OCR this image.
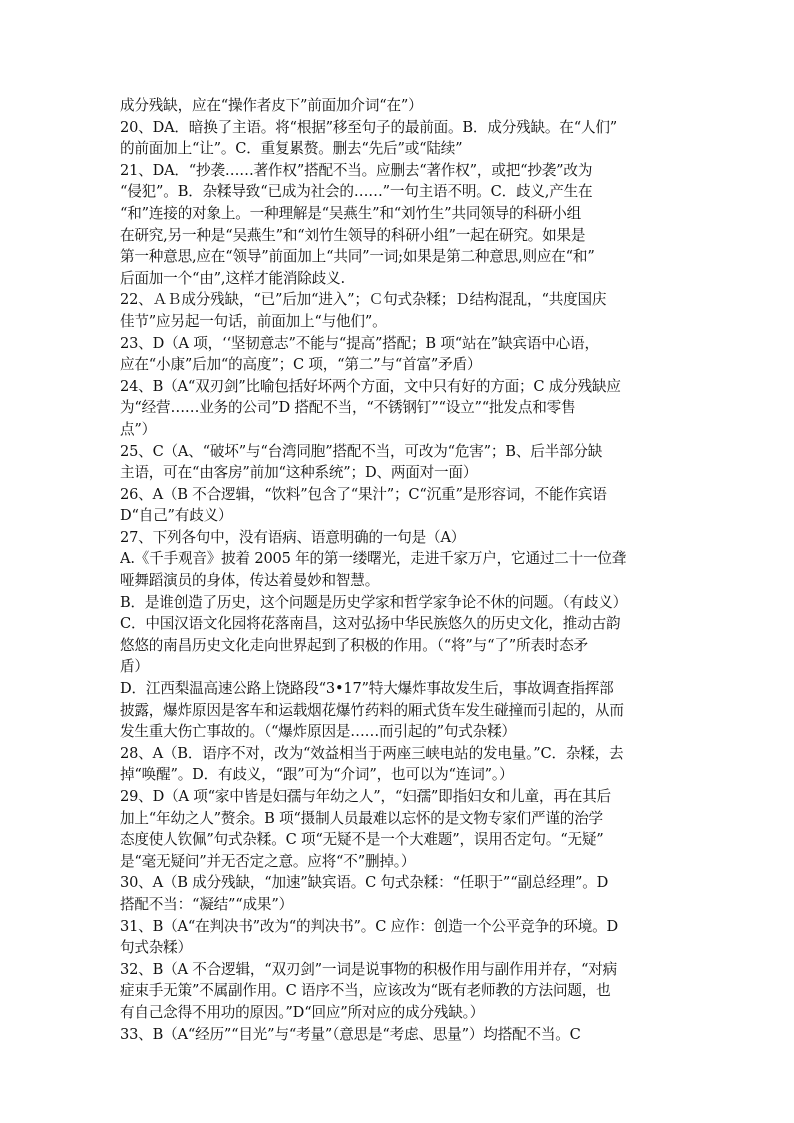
成分残缺，应在“操作者皮下”前面加介词“在”）
20、DA．暗换了主语。将“根据”移至句子的最前面。B．成分残缺。在“人们”
的前面加上“让”。C．重复累赘。删去“先后”或“陆续”
21、DA．“抄袭……著作权”搭配不当。应删去“著作权”，或把“抄袭”改为
“侵犯”。B．杂糅导致“已成为社会的……”一句主语不明。C．歧义,产生在
“和”连接的对象上。一种理解是“吴燕生”和“刘竹生”共同领导的科研小组
在研究,另一种是“吴燕生”和“刘竹生领导的科研小组”一起在研究。如果是
第一种意思,应在“领导”前面加上“共同”一词;如果是第二种意思,则应在“和”
后面加一个“由”,这样才能消除歧义.
22、ＡＢ成分残缺，“已”后加“进入”；Ｃ句式杂糅；Ｄ结构混乱，“共度国庆
佳节”应另起一句话，前面加上“与他们”。
23、D（A 项，‘‘坚韧意志”不能与“提高”搭配；B 项“站在”缺宾语中心语，
应在“小康”后加“的高度”；C 项，“第二”与“首富”矛盾）
24、B（A“双刃剑”比喻包括好坏两个方面，文中只有好的方面；C 成分残缺应
为“经营……业务的公司”D 搭配不当，“不锈钢钉”“设立”“批发点和零售
点”）
25、C（A、“破坏”与“台湾同胞”搭配不当，可改为“危害”；B、后半部分缺
主语，可在“由客房”前加“这种系统”；D、两面对一面）
26、A（B 不合逻辑，“饮料”包含了“果汁”；C“沉重”是形容词，不能作宾语
D“自己”有歧义）
27、下列各句中，没有语病、语意明确的一句是（A）
A.《千手观音》披着 2005 年的第一缕曙光，走进千家万户，它通过二十一位聋
哑舞蹈演员的身体，传达着曼妙和智慧。
B．是谁创造了历史，这个问题是历史学家和哲学家争论不休的问题。（有歧义）
C．中国汉语文化园将花落南昌，这对弘扬中华民族悠久的历史文化，推动古韵
悠悠的南昌历史文化走向世界起到了积极的作用。（“将”与“了”所表时态矛
盾）
D．江西梨温高速公路上饶路段“3•17”特大爆炸事故发生后，事故调查指挥部
披露，爆炸原因是客车和运载烟花爆竹药料的厢式货车发生碰撞而引起的，从而
发生重大伤亡事故的。（“爆炸原因是……而引起的”句式杂糅）
28、A（B．语序不对，改为“效益相当于两座三峡电站的发电量。”C．杂糅，去
掉“唤醒”。D．有歧义，“跟”可为“介词”，也可以为“连词”。）
29、D（A 项“家中皆是妇孺与年幼之人”，“妇孺”即指妇女和儿童，再在其后
加上“年幼之人”赘余。B 项“摄制人员最难以忘怀的是文物专家们严谨的治学
态度使人钦佩”句式杂糅。C 项“无疑不是一个大难题”，误用否定句。“无疑”
是“毫无疑问”并无否定之意。应将“不”删掉。）
30、A（B 成分残缺，“加速”缺宾语。C 句式杂糅：“任职于”“副总经理”。D
搭配不当：“凝结”“成果”）
31、B（A“在判决书”改为“的判决书”。C 应作：创造一个公平竞争的环境。D
句式杂糅）
32、B（A 不合逻辑，“双刃剑”一词是说事物的积极作用与副作用并存，“对病
症束手无策”不属副作用。C 语序不当，应该改为“既有老师教的方法问题，也
有自己念得不用功的原因。”D“回应”所对应的成分残缺。）
33、B（A“经历”“目光”与“考量”（意思是“考虑、思量”）均搭配不当。C
